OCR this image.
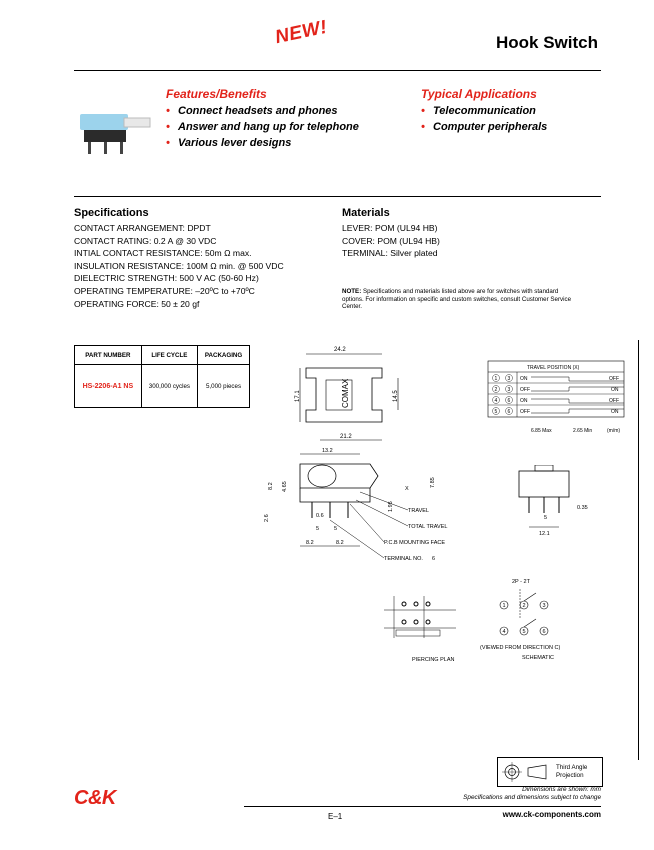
NEW!	Hook Switch
Features/Benefits
• Connect headsets and phones
• Answer and hang up for telephone
• Various lever designs
Typical Applications
• Telecommunication
• Computer peripherals
Specifications
CONTACT ARRANGEMENT: DPDT
CONTACT RATING: 0.2 A @ 30 VDC
INTIAL CONTACT RESISTANCE: 50m Ω max.
INSULATION RESISTANCE: 100M Ω min. @ 500 VDC
DIELECTRIC STRENGTH: 500 V AC (50-60 Hz)
OPERATING TEMPERATURE: –20ºC to +70ºC
OPERATING FORCE: 50 ± 20 gf
Materials
LEVER: POM (UL94 HB)
COVER: POM (UL94 HB)
TERMINAL: Silver plated
NOTE: Specifications and materials listed above are for switches with standard options. For information on specific and custom switches, consult Customer Service Center.
PART NUMBER	LIFE CYCLE	PACKAGING
HS-2206-A1 NS	300,000 cycles	5,000 pieces
24.2
COMAX
17.1	14.5
21.2
13.2
8.2 4.65	7.85
X
2.6
1.95
0.6
5	5
8.2	8.2
TRAVEL
TOTAL TRAVEL
P.C.B MOUNTING FACE
TERMINAL NO. 6
TRAVEL POSITION (X)
1 3 ON	OFF
2 3 OFF	ON
4 6 ON	OFF
5 6 OFF	ON
6.85 Max	2.65 Min	(m/m)
0.35
5
12.1
PIERCING PLAN
2P - 2T
1	2	3
4	5	6
(VIEWED FROM DIRECTION C)
SCHEMATIC
Third Angle
Projection
Dimensions are shown: mm
Specifications and dimensions subject to change
C&K
E–1	www.ck-components.com
